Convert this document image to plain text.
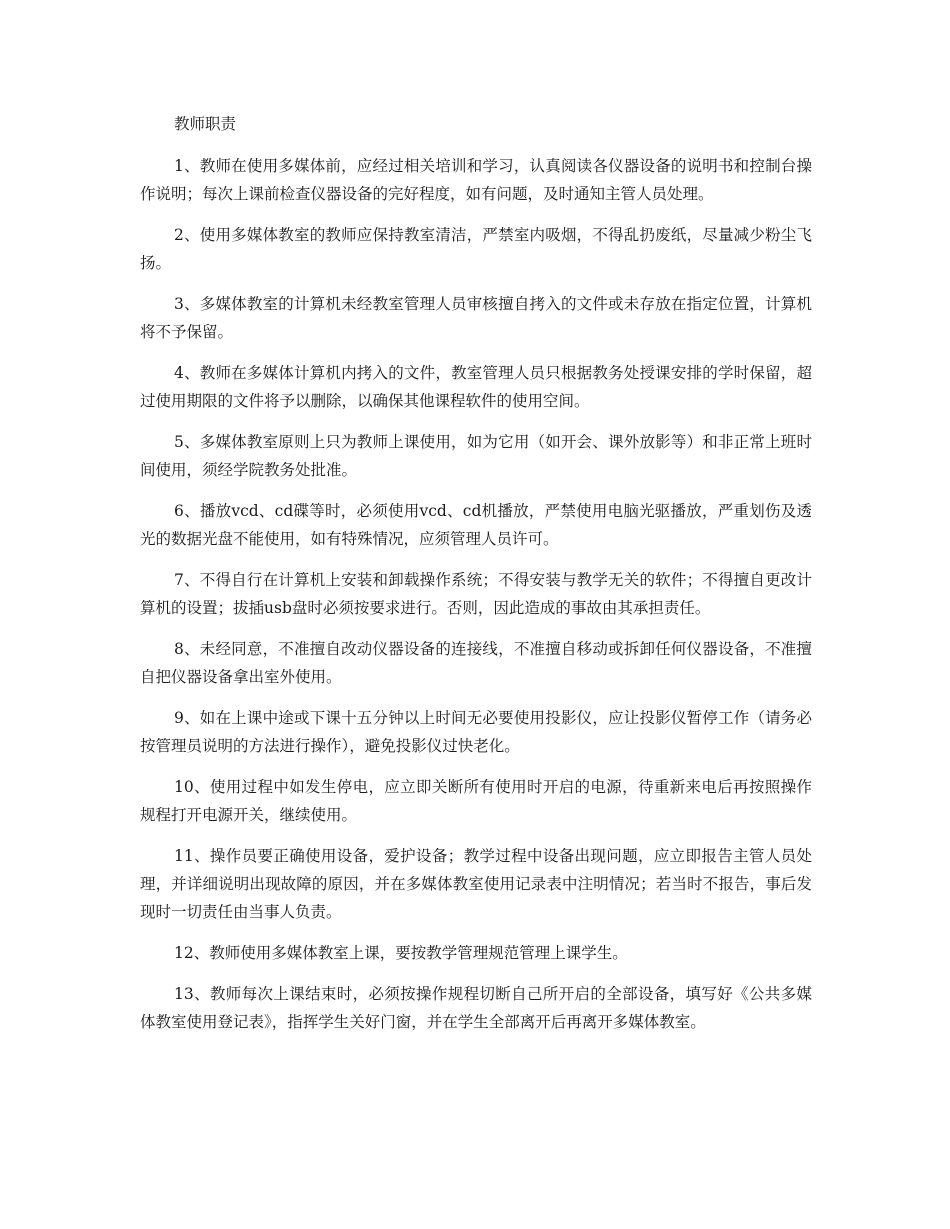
教师职责

1、教师在使用多媒体前，应经过相关培训和学习，认真阅读各仪器设备的说明书和控制台操作说明；每次上课前检查仪器设备的完好程度，如有问题，及时通知主管人员处理。

2、使用多媒体教室的教师应保持教室清洁，严禁室内吸烟，不得乱扔废纸，尽量减少粉尘飞扬。

3、多媒体教室的计算机未经教室管理人员审核擅自拷入的文件或未存放在指定位置，计算机将不予保留。

4、教师在多媒体计算机内拷入的文件，教室管理人员只根据教务处授课安排的学时保留，超过使用期限的文件将予以删除，以确保其他课程软件的使用空间。

5、多媒体教室原则上只为教师上课使用，如为它用（如开会、课外放影等）和非正常上班时间使用，须经学院教务处批准。

6、播放vcd、cd碟等时，必须使用vcd、cd机播放，严禁使用电脑光驱播放，严重划伤及透光的数据光盘不能使用，如有特殊情况，应须管理人员许可。

7、不得自行在计算机上安装和卸载操作系统；不得安装与教学无关的软件；不得擅自更改计算机的设置；拔插usb盘时必须按要求进行。否则，因此造成的事故由其承担责任。

8、未经同意，不准擅自改动仪器设备的连接线，不准擅自移动或拆卸任何仪器设备，不准擅自把仪器设备拿出室外使用。

9、如在上课中途或下课十五分钟以上时间无必要使用投影仪，应让投影仪暂停工作（请务必按管理员说明的方法进行操作），避免投影仪过快老化。

10、使用过程中如发生停电，应立即关断所有使用时开启的电源，待重新来电后再按照操作规程打开电源开关，继续使用。

11、操作员要正确使用设备，爱护设备；教学过程中设备出现问题，应立即报告主管人员处理，并详细说明出现故障的原因，并在多媒体教室使用记录表中注明情况；若当时不报告，事后发现时一切责任由当事人负责。

12、教师使用多媒体教室上课，要按教学管理规范管理上课学生。

13、教师每次上课结束时，必须按操作规程切断自己所开启的全部设备，填写好《公共多媒体教室使用登记表》，指挥学生关好门窗，并在学生全部离开后再离开多媒体教室。
